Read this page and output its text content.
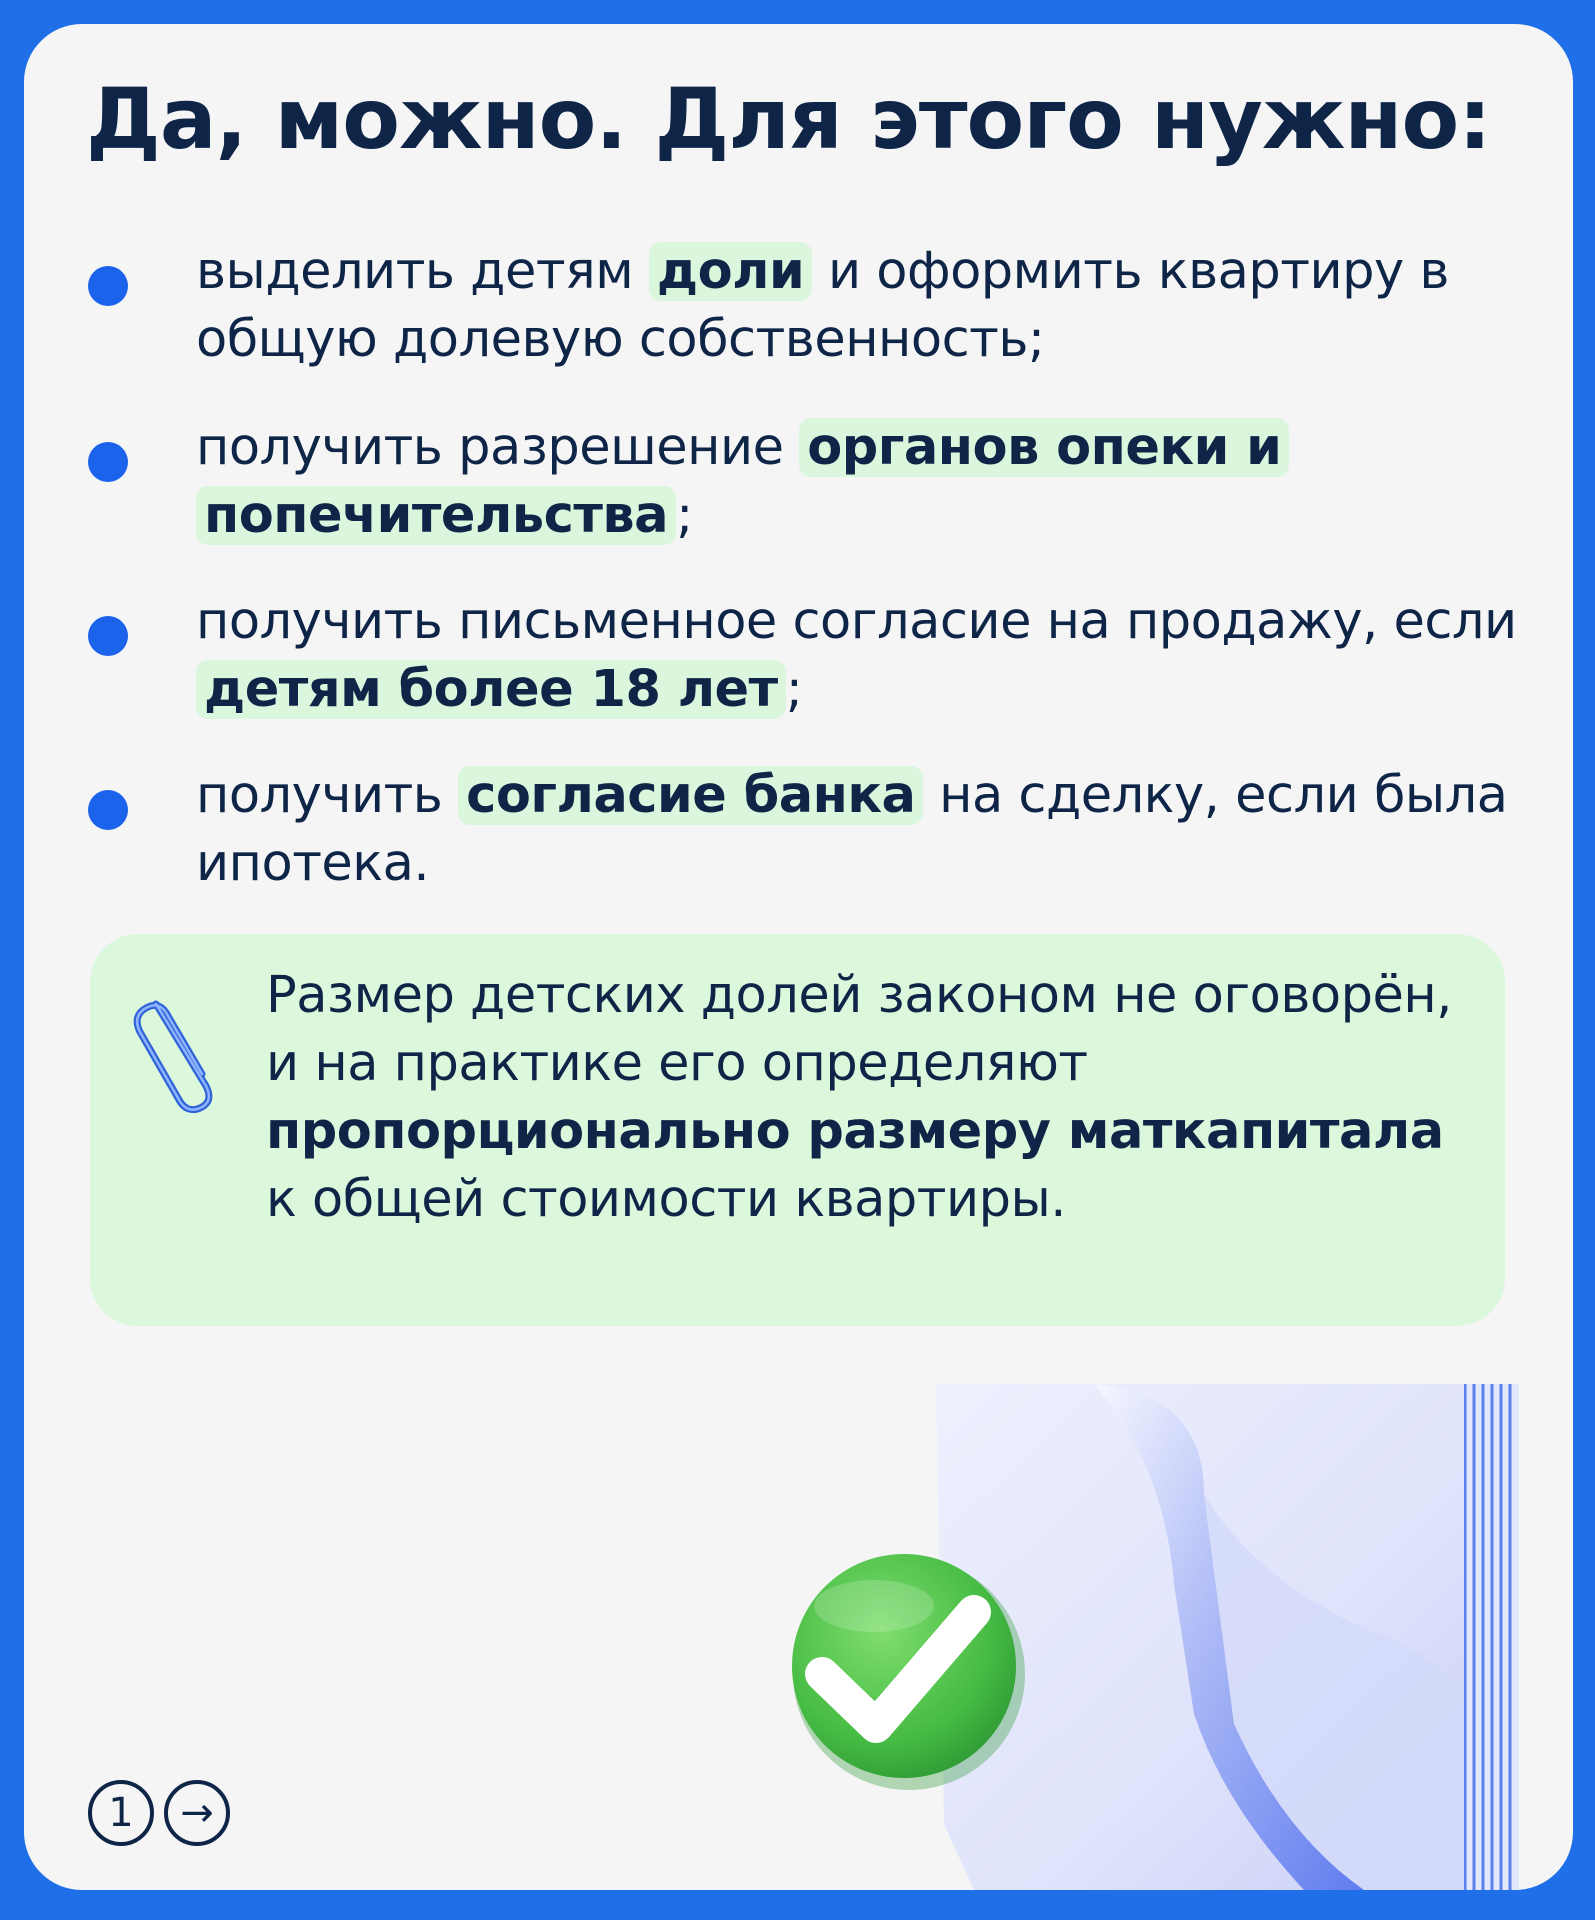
Да, можно. Для этого нужно:
выделить детям доли и оформить квартиру в общую долевую собственность;
получить разрешение органов опеки и попечительства ;
получить письменное согласие на продажу, если детям более 18 лет ;
получить согласие банка на сделку, если была ипотека.
Размер детских долей законом не оговорён, и на практике его определяют пропорционально размеру маткапитала к общей стоимости квартиры.
1	→
